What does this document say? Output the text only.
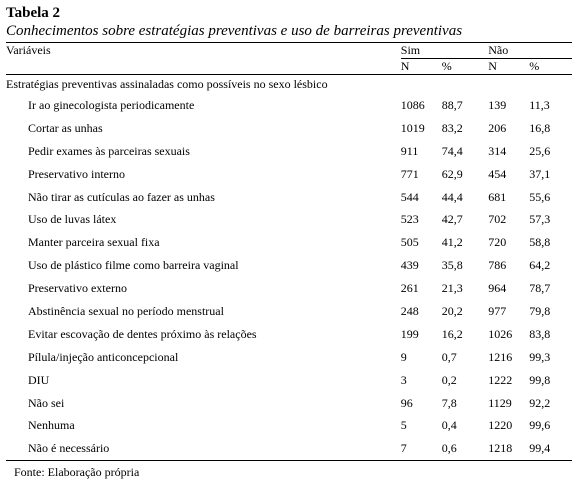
Tabela 2
Conhecimentos sobre estratégias preventivas e uso de barreiras preventivas
Variáveis	Sim		Não	
	N	%	N	%
Estratégias preventivas assinaladas como possíveis no sexo lésbico				
Ir ao ginecologista periodicamente	1086	88,7	139	11,3
Cortar as unhas	1019	83,2	206	16,8
Pedir exames às parceiras sexuais	911	74,4	314	25,6
Preservativo interno	771	62,9	454	37,1
Não tirar as cutículas ao fazer as unhas	544	44,4	681	55,6
Uso de luvas látex	523	42,7	702	57,3
Manter parceira sexual fixa	505	41,2	720	58,8
Uso de plástico filme como barreira vaginal	439	35,8	786	64,2
Preservativo externo	261	21,3	964	78,7
Abstinência sexual no período menstrual	248	20,2	977	79,8
Evitar escovação de dentes próximo às relações	199	16,2	1026	83,8
Pílula/injeção anticoncepcional	9	0,7	1216	99,3
DIU	3	0,2	1222	99,8
Não sei	96	7,8	1129	92,2
Nenhuma	5	0,4	1220	99,6
Não é necessário	7	0,6	1218	99,4
Fonte: Elaboração própria
